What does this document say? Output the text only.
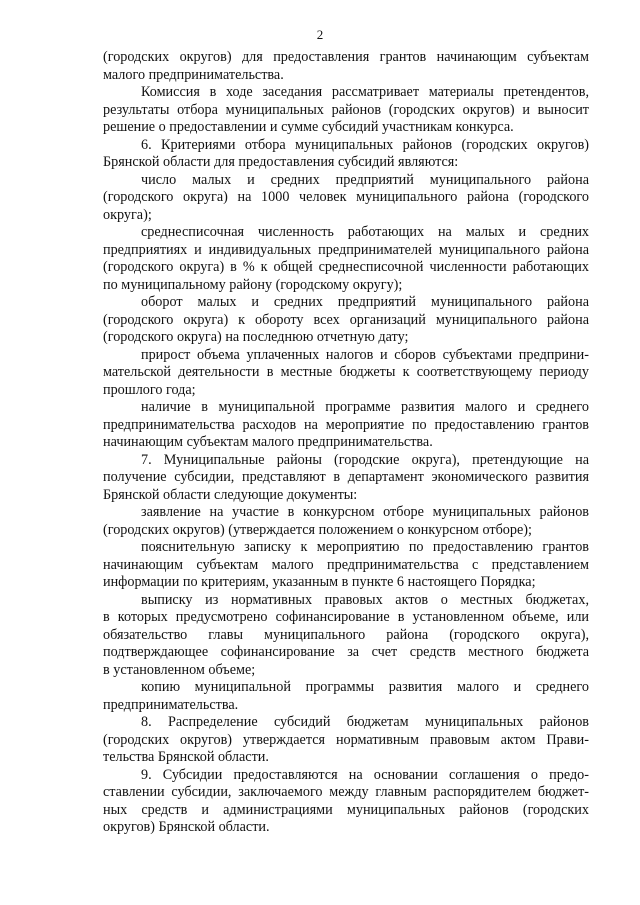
2
(городских округов) для предоставления грантов начинающим субъектам
малого предпринимательства.
Комиссия в ходе заседания рассматривает материалы претендентов,
результаты отбора муниципальных районов (городских округов) и выносит
решение о предоставлении и сумме субсидий участникам конкурса.
6. Критериями отбора муниципальных районов (городских округов)
Брянской области для предоставления субсидий являются:
число малых и средних предприятий муниципального района
(городского округа) на 1000 человек муниципального района (городского
округа);
среднесписочная численность работающих на малых и средних
предприятиях и индивидуальных предпринимателей муниципального района
(городского округа) в % к общей среднесписочной численности работающих
по муниципальному району (городскому округу);
оборот малых и средних предприятий муниципального района
(городского округа) к обороту всех организаций муниципального района
(городского округа) на последнюю отчетную дату;
прирост объема уплаченных налогов и сборов субъектами предприни-
мательской деятельности в местные бюджеты к соответствующему периоду
прошлого года;
наличие в муниципальной программе развития малого и среднего
предпринимательства расходов на мероприятие по предоставлению грантов
начинающим субъектам малого предпринимательства.
7. Муниципальные районы (городские округа), претендующие на
получение субсидии, представляют в департамент экономического развития
Брянской области следующие документы:
заявление на участие в конкурсном отборе муниципальных районов
(городских округов) (утверждается положением о конкурсном отборе);
пояснительную записку к мероприятию по предоставлению грантов
начинающим субъектам малого предпринимательства с представлением
информации по критериям, указанным в пункте 6 настоящего Порядка;
выписку из нормативных правовых актов о местных бюджетах,
в которых предусмотрено софинансирование в установленном объеме, или
обязательство главы муниципального района (городского округа),
подтверждающее софинансирование за счет средств местного бюджета
в установленном объеме;
копию муниципальной программы развития малого и среднего
предпринимательства.
8. Распределение субсидий бюджетам муниципальных районов
(городских округов) утверждается нормативным правовым актом Прави-
тельства Брянской области.
9. Субсидии предоставляются на основании соглашения о предо-
ставлении субсидии, заключаемого между главным распорядителем бюджет-
ных средств и администрациями муниципальных районов (городских
округов) Брянской области.
